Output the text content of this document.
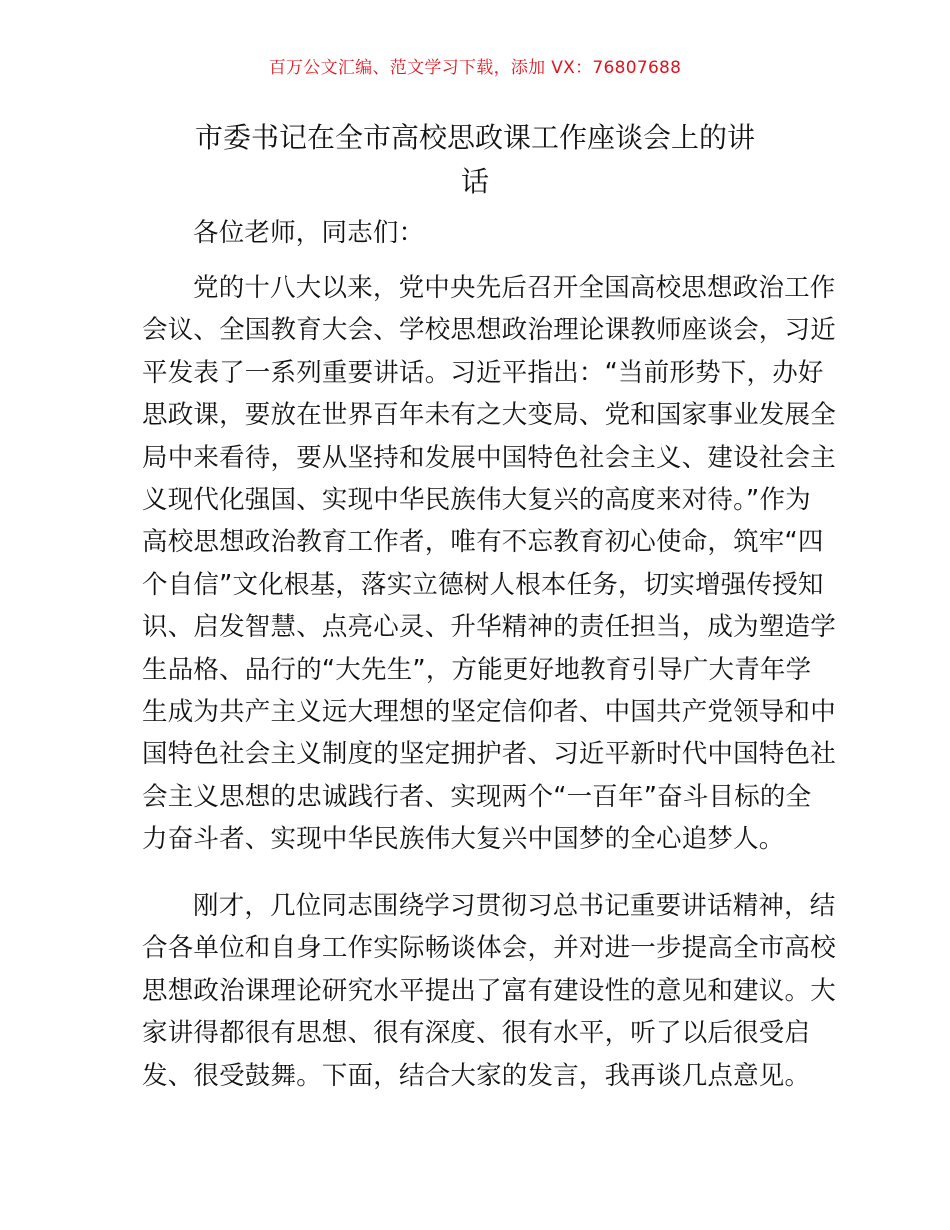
百万公文汇编、范文学习下载，添加 VX：76807688
市委书记在全市高校思政课工作座谈会上的讲
话
各位老师，同志们：
党的十八大以来，党中央先后召开全国高校思想政治工作
会议、全国教育大会、学校思想政治理论课教师座谈会，习近
平发表了一系列重要讲话。习近平指出：“当前形势下，办好
思政课，要放在世界百年未有之大变局、党和国家事业发展全
局中来看待，要从坚持和发展中国特色社会主义、建设社会主
义现代化强国、实现中华民族伟大复兴的高度来对待。”作为
高校思想政治教育工作者，唯有不忘教育初心使命，筑牢“四
个自信”文化根基，落实立德树人根本任务，切实增强传授知
识、启发智慧、点亮心灵、升华精神的责任担当，成为塑造学
生品格、品行的“大先生”，方能更好地教育引导广大青年学
生成为共产主义远大理想的坚定信仰者、中国共产党领导和中
国特色社会主义制度的坚定拥护者、习近平新时代中国特色社
会主义思想的忠诚践行者、实现两个“一百年”奋斗目标的全
力奋斗者、实现中华民族伟大复兴中国梦的全心追梦人。
刚才，几位同志围绕学习贯彻习总书记重要讲话精神，结
合各单位和自身工作实际畅谈体会，并对进一步提高全市高校
思想政治课理论研究水平提出了富有建设性的意见和建议。大
家讲得都很有思想、很有深度、很有水平，听了以后很受启
发、很受鼓舞。下面，结合大家的发言，我再谈几点意见。
